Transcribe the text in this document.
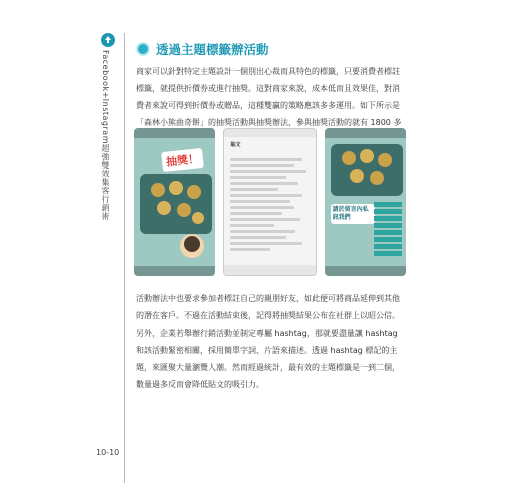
Facebook+Instagram超強雙效集客行銷術
透過主題標籤辦活動
商家可以針對特定主題設計一個別出心裁而具特色的標籤，只要消費者標註標籤，就提供折價券或進行抽獎。這對商家來說，成本低而且效果佳，對消費者來說可得到折價券或贈品，這種雙贏的策略應該多多運用。如下所示是「森林小熊曲奇餅」的抽獎活動與抽獎辦法，參與抽獎活動的就有 1800 多
抽獎！
貼文
請於留言內私訊我們
活動辦法中也要求參加者標註自己的親朋好友，如此便可將商品延伸到其他的潛在客戶。不過在活動結束後，記得將抽獎結果公布在社群上以昭公信。
另外，企業若舉辦行銷活動並制定專屬 hashtag，那就要盡量讓 hashtag 和該活動緊密相關，採用簡單字詞、片語來描述。透過 hashtag 標記的主題，來匯聚大量瀏覽人潮。然而經過統計，最有效的主題標籤是一到二個，數量過多反而會降低貼文的吸引力。
10-10
